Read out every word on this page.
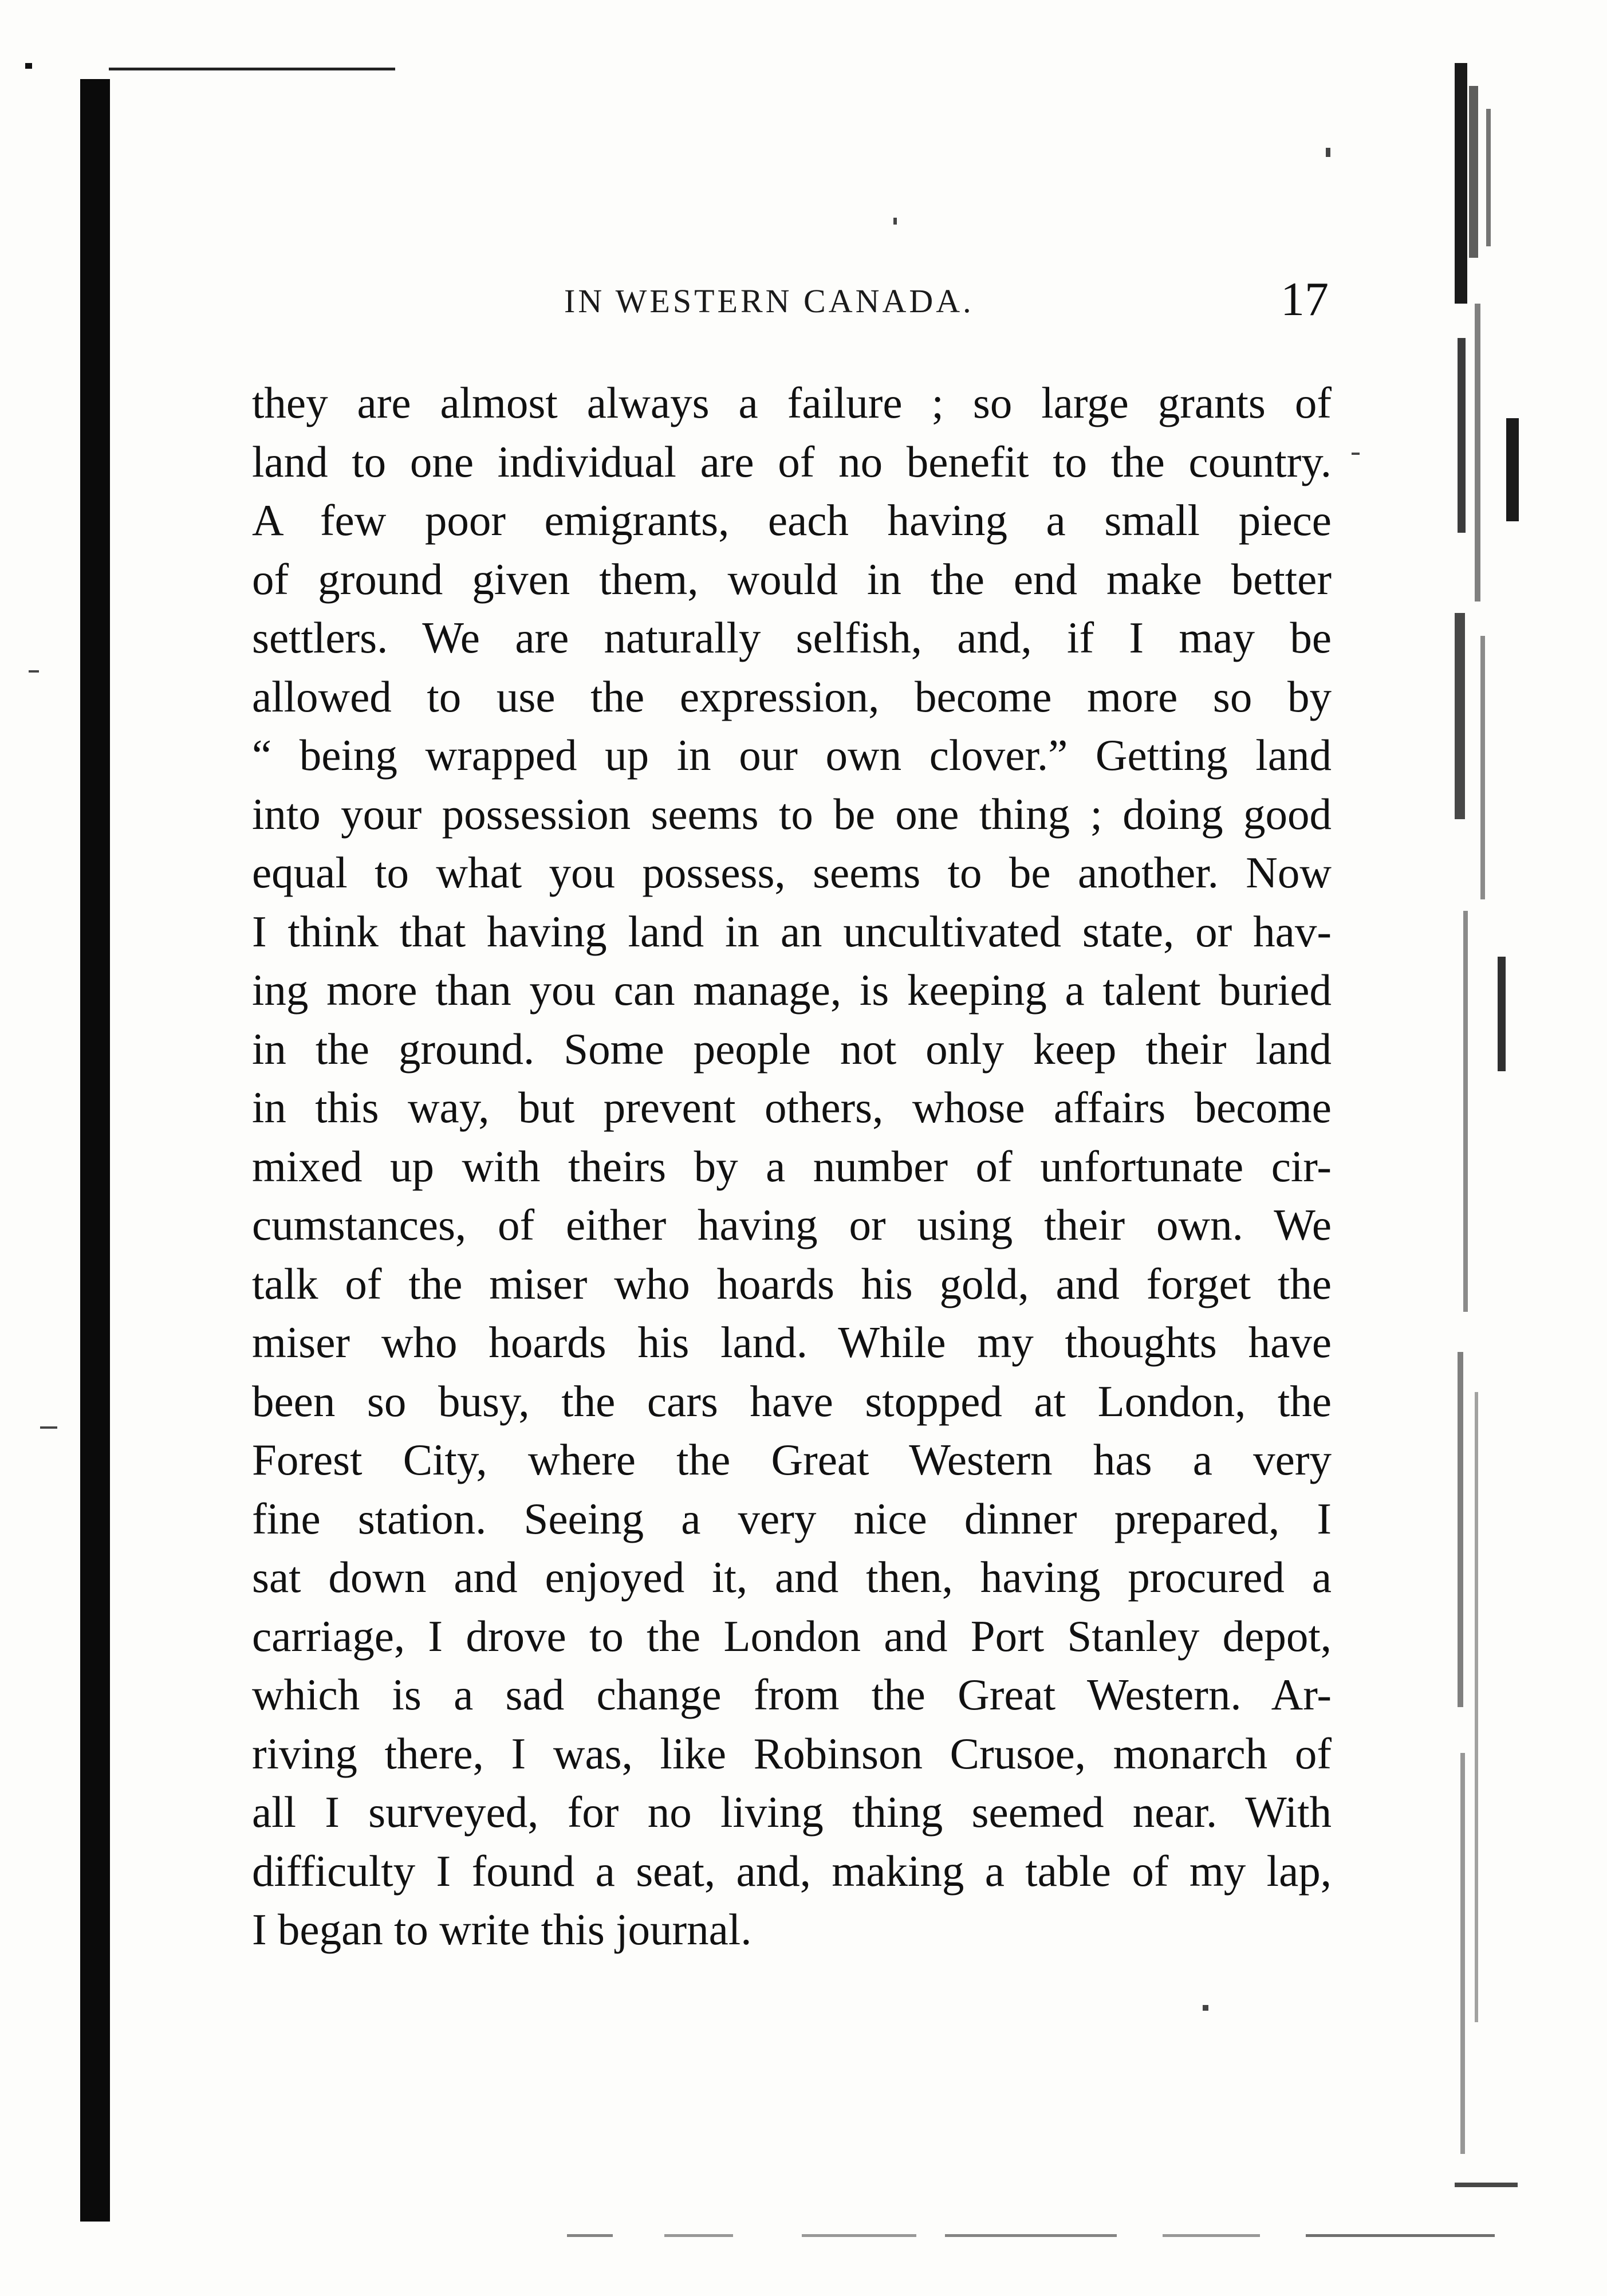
IN WESTERN CANADA.	17
they are almost always a failure ; so large grants of
land to one individual are of no benefit to the country.
A few poor emigrants, each having a small piece
of ground given them, would in the end make better
settlers. We are naturally selfish, and, if I may be
allowed to use the expression, become more so by
“ being wrapped up in our own clover.” Getting land
into your possession seems to be one thing ; doing good
equal to what you possess, seems to be another. Now
I think that having land in an uncultivated state, or hav-
ing more than you can manage, is keeping a talent buried
in the ground. Some people not only keep their land
in this way, but prevent others, whose affairs become
mixed up with theirs by a number of unfortunate cir-
cumstances, of either having or using their own. We
talk of the miser who hoards his gold, and forget the
miser who hoards his land. While my thoughts have
been so busy, the cars have stopped at London, the
Forest City, where the Great Western has a very
fine station. Seeing a very nice dinner prepared, I
sat down and enjoyed it, and then, having procured a
carriage, I drove to the London and Port Stanley depot,
which is a sad change from the Great Western. Ar-
riving there, I was, like Robinson Crusoe, monarch of
all I surveyed, for no living thing seemed near. With
difficulty I found a seat, and, making a table of my lap,
I began to write this journal.
